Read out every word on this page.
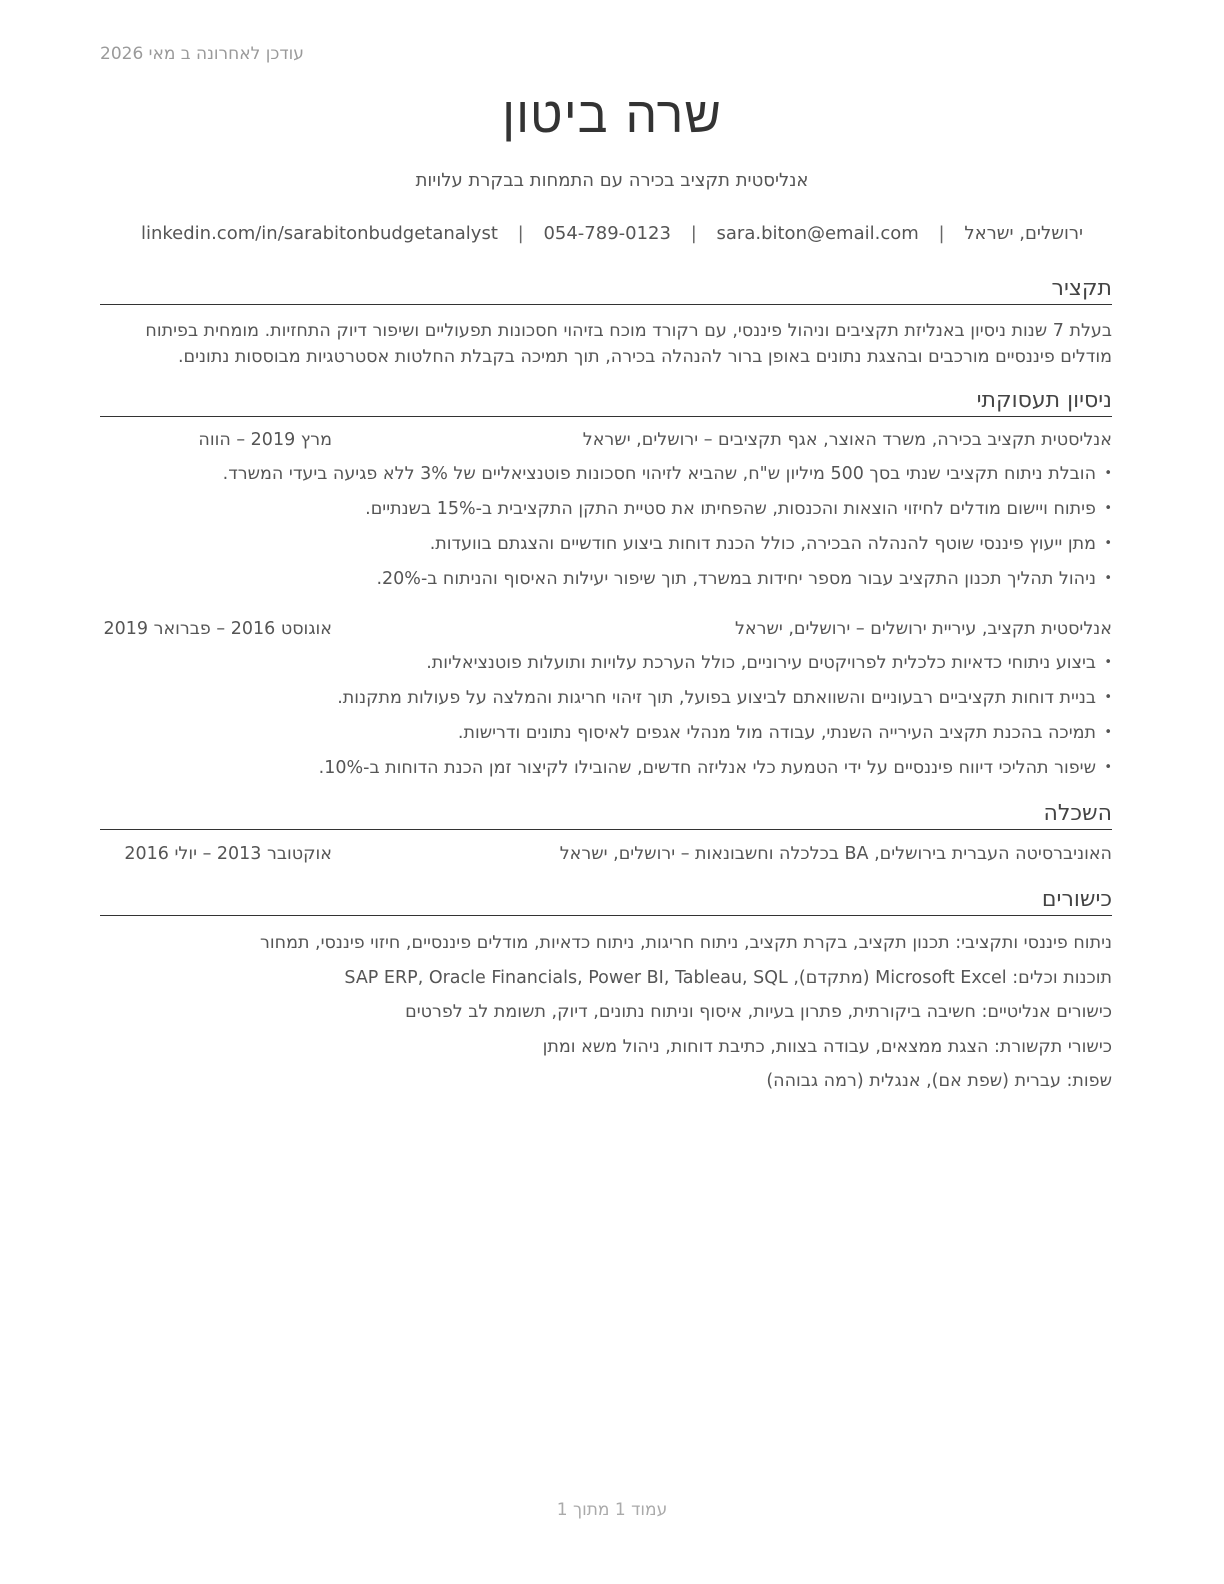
עודכן לאחרונה ב מאי 2026
שרה ביטון
אנליסטית תקציב בכירה עם התמחות בבקרת עלויות
ירושלים, ישראל | sara.biton@email.com | 054-789-0123 | linkedin.com/in/sarabitonbudgetanalyst
תקציר
בעלת 7 שנות ניסיון באנליזת תקציבים וניהול פיננסי, עם רקורד מוכח בזיהוי חסכונות תפעוליים ושיפור דיוק התחזיות. מומחית בפיתוח מודלים פיננסיים מורכבים ובהצגת נתונים באופן ברור להנהלה בכירה, תוך תמיכה בקבלת החלטות אסטרטגיות מבוססות נתונים.
ניסיון תעסוקתי
אנליסטית תקציב בכירה, משרד האוצר, אגף תקציבים – ירושלים, ישראל
מרץ 2019 – הווה
• הובלת ניתוח תקציבי שנתי בסך 500 מיליון ש"ח, שהביא לזיהוי חסכונות פוטנציאליים של 3% ללא פגיעה ביעדי המשרד.
• פיתוח ויישום מודלים לחיזוי הוצאות והכנסות, שהפחיתו את סטיית התקן התקציבית ב-15% בשנתיים.
• מתן ייעוץ פיננסי שוטף להנהלה הבכירה, כולל הכנת דוחות ביצוע חודשיים והצגתם בוועדות.
• ניהול תהליך תכנון התקציב עבור מספר יחידות במשרד, תוך שיפור יעילות האיסוף והניתוח ב-20%.
אנליסטית תקציב, עיריית ירושלים – ירושלים, ישראל
אוגוסט 2016 – פברואר 2019
• ביצוע ניתוחי כדאיות כלכלית לפרויקטים עירוניים, כולל הערכת עלויות ותועלות פוטנציאליות.
• בניית דוחות תקציביים רבעוניים והשוואתם לביצוע בפועל, תוך זיהוי חריגות והמלצה על פעולות מתקנות.
• תמיכה בהכנת תקציב העירייה השנתי, עבודה מול מנהלי אגפים לאיסוף נתונים ודרישות.
• שיפור תהליכי דיווח פיננסיים על ידי הטמעת כלי אנליזה חדשים, שהובילו לקיצור זמן הכנת הדוחות ב-10%.
השכלה
האוניברסיטה העברית בירושלים, BA בכלכלה וחשבונאות – ירושלים, ישראל
אוקטובר 2013 – יולי 2016
כישורים
ניתוח פיננסי ותקציבי: תכנון תקציב, בקרת תקציב, ניתוח חריגות, ניתוח כדאיות, מודלים פיננסיים, חיזוי פיננסי, תמחור
תוכנות וכלים: Microsoft Excel (מתקדם), SAP ERP, Oracle Financials, Power BI, Tableau, SQL
כישורים אנליטיים: חשיבה ביקורתית, פתרון בעיות, איסוף וניתוח נתונים, דיוק, תשומת לב לפרטים
כישורי תקשורת: הצגת ממצאים, עבודה בצוות, כתיבת דוחות, ניהול משא ומתן
שפות: עברית (שפת אם), אנגלית (רמה גבוהה)
עמוד 1 מתוך 1
